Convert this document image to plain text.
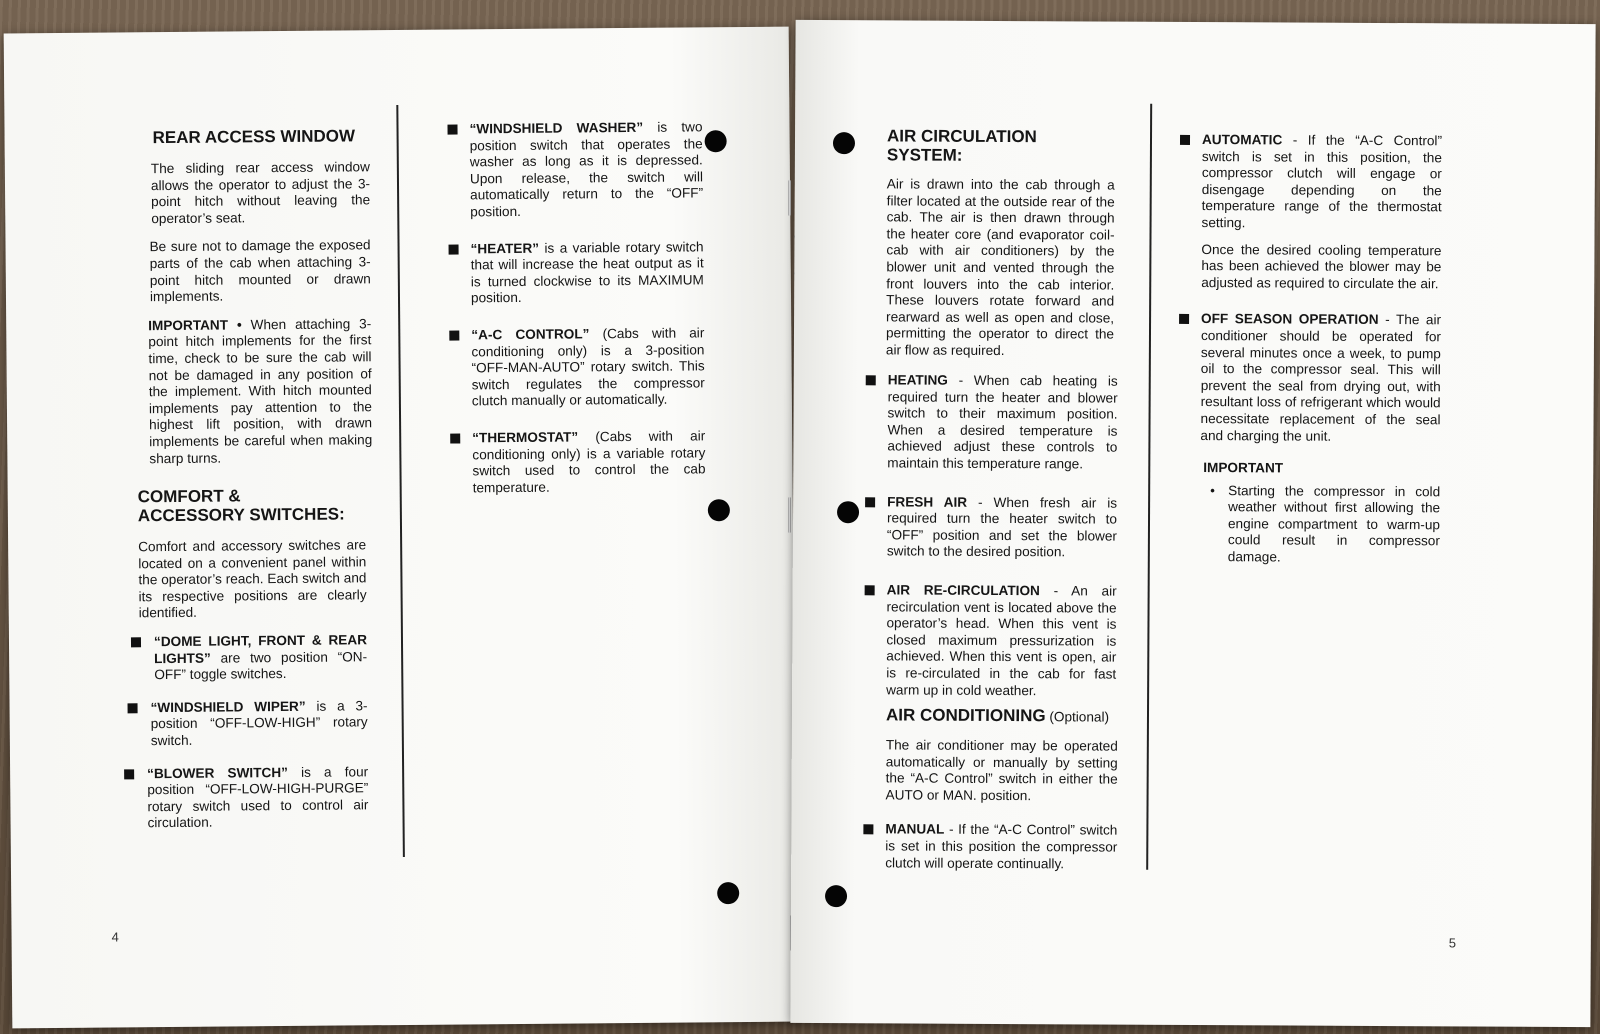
REAR ACCESS WINDOW

The sliding rear access window allows the operator to adjust the 3-point hitch without leaving the operator’s seat.

Be sure not to damage the exposed parts of the cab when attaching 3-point hitch mounted or drawn implements.

IMPORTANT • When attaching 3-point hitch implements for the first time, check to be sure the cab will not be damaged in any position of the implement. With hitch mounted implements pay attention to the highest lift position, with drawn implements be careful when making sharp turns.

COMFORT & ACCESSORY SWITCHES:

Comfort and accessory switches are located on a convenient panel within the operator’s reach. Each switch and its respective positions are clearly identified.

“DOME LIGHT, FRONT & REAR LIGHTS” are two position “ON-OFF” toggle switches.
“WINDSHIELD WIPER” is a 3-position “OFF-LOW-HIGH” rotary switch.
“BLOWER SWITCH” is a four position “OFF-LOW-HIGH-PURGE” rotary switch used to control air circulation.
“WINDSHIELD WASHER” is two position switch that operates the washer as long as it is depressed. Upon release, the switch will automatically return to the “OFF” position.
“HEATER” is a variable rotary switch that will increase the heat output as it is turned clockwise to its MAXIMUM position.
“A-C CONTROL” (Cabs with air conditioning only) is a 3-position “OFF-MAN-AUTO” rotary switch. This switch regulates the compressor clutch manually or automatically.
“THERMOSTAT” (Cabs with air conditioning only) is a variable rotary switch used to control the cab temperature.
4
AIR CIRCULATION SYSTEM:

Air is drawn into the cab through a filter located at the outside rear of the cab. The air is then drawn through the heater core (and evaporator coil-cab with air conditioners) by the blower unit and vented through the front louvers into the cab interior. These louvers rotate forward and rearward as well as open and close, permitting the operator to direct the air flow as required.

HEATING - When cab heating is required turn the heater and blower switch to their maximum position. When a desired temperature is achieved adjust these controls to maintain this temperature range.
FRESH AIR - When fresh air is required turn the heater switch to “OFF” position and set the blower switch to the desired position.
AIR RE-CIRCULATION - An air recirculation vent is located above the operator’s head. When this vent is closed maximum pressurization is achieved. When this vent is open, air is re-circulated in the cab for fast warm up in cold weather.
AIR CONDITIONING (Optional)

The air conditioner may be operated automatically or manually by setting the “A-C Control” switch in either the AUTO or MAN. position.

MANUAL - If the “A-C Control” switch is set in this position the compressor clutch will operate continually.
AUTOMATIC - If the “A-C Control” switch is set in this position, the compressor clutch will engage or disengage depending on the temperature range of the thermostat setting.

Once the desired cooling temperature has been achieved the blower may be adjusted as required to circulate the air.

OFF SEASON OPERATION - The air conditioner should be operated for several minutes once a week, to pump oil to the compressor seal. This will prevent the seal from drying out, with resultant loss of refrigerant which would necessitate replacement of the seal and charging the unit.
IMPORTANT
• Starting the compressor in cold weather without first allowing the engine compartment to warm-up could result in compressor damage.
5
